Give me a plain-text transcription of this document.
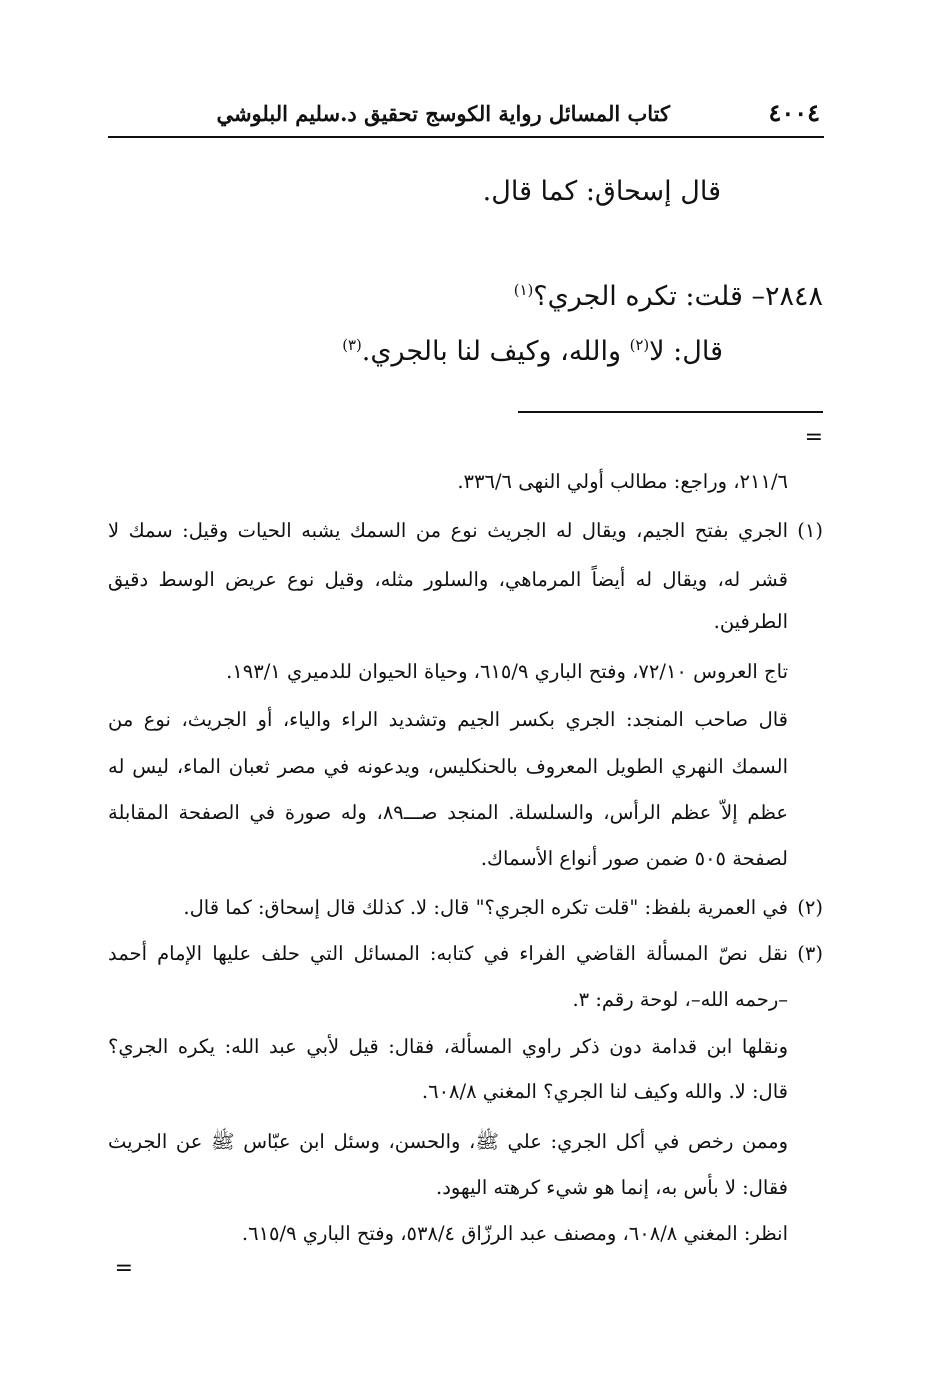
٤٠٠٤
كتاب المسائل رواية الكوسج تحقيق د.سليم البلوشي
قال إسحاق: كما قال.
٢٨٤٨– قلت: تكره الجري؟$^{(١)}$
قال: لا$^{(٢)}$ والله، وكيف لنا بالجري.$^{(٣)}$
=
٢١١/٦، وراجع: مطالب أولي النهى ٣٣٦/٦.
(١)
الجري بفتح الجيم، ويقال له الجريث نوع من السمك يشبه الحيات وقيل: سمك لا
قشر له، ويقال له أيضاً المرماهي، والسلور مثله، وقيل نوع عريض الوسط دقيق
الطرفين.
تاج العروس ٧٢/١٠، وفتح الباري ٦١٥/٩، وحياة الحيوان للدميري ١٩٣/١.
قال صاحب المنجد: الجري بكسر الجيم وتشديد الراء والياء، أو الجريث، نوع من
السمك النهري الطويل المعروف بالحنكليس، ويدعونه في مصر ثعبان الماء، ليس له
عظم إلاّ عظم الرأس، والسلسلة. المنجد صـــ٨٩، وله صورة في الصفحة المقابلة
لصفحة ٥٠٥ ضمن صور أنواع الأسماك.
(٢)
في العمرية بلفظ: "قلت تكره الجري؟" قال: لا. كذلك قال إسحاق: كما قال.
(٣)
نقل نصّ المسألة القاضي الفراء في كتابه: المسائل التي حلف عليها الإمام أحمد
–رحمه الله–، لوحة رقم: ٣.
ونقلها ابن قدامة دون ذكر راوي المسألة، فقال: قيل لأبي عبد الله: يكره الجري؟
قال: لا. والله وكيف لنا الجري؟ المغني ٦٠٨/٨.
وممن رخص في أكل الجري: علي ﷺ، والحسن، وسئل ابن عبّاس ﷺ عن الجريث
فقال: لا بأس به، إنما هو شيء كرهته اليهود.
انظر: المغني ٦٠٨/٨، ومصنف عبد الرزّاق ٥٣٨/٤، وفتح الباري ٦١٥/٩.
=
